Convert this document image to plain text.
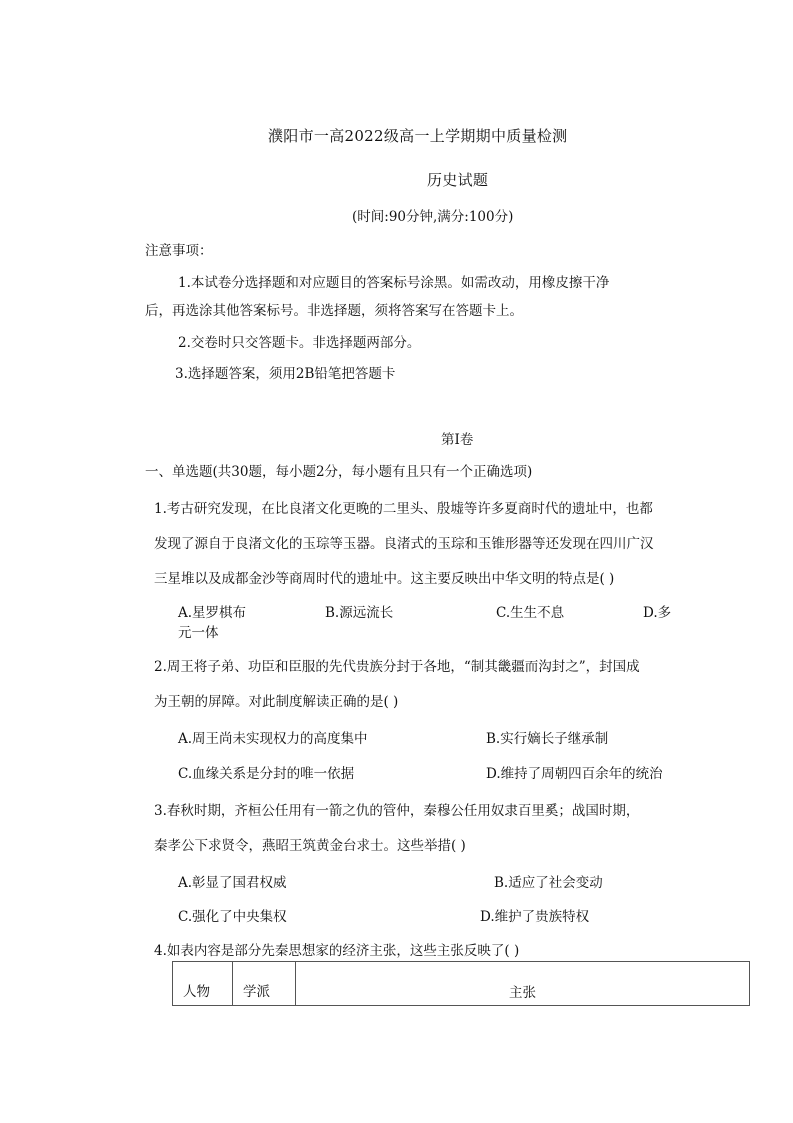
濮阳市一高2022级高一上学期期中质量检测
历史试题
(时间:90分钟,满分:100分)
注意事项：
1.本试卷分选择题和对应题目的答案标号涂黑。如需改动，用橡皮擦干净
后，再选涂其他答案标号。非选择题，须将答案写在答题卡上。
2.交卷时只交答题卡。非选择题两部分。
3.选择题答案，须用2B铅笔把答题卡
第Ⅰ卷
一、单选题(共30题，每小题2分，每小题有且只有一个正确选项)
1.考古研究发现，在比良渚文化更晚的二里头、殷墟等许多夏商时代的遗址中，也都
发现了源自于良渚文化的玉琮等玉器。良渚式的玉琮和玉锥形器等还发现在四川广汉
三星堆以及成都金沙等商周时代的遗址中。这主要反映出中华文明的特点是( )
A.星罗棋布	B.源远流长	C.生生不息	D.多
元一体
2.周王将子弟、功臣和臣服的先代贵族分封于各地，“制其畿疆而沟封之”，封国成
为王朝的屏障。对此制度解读正确的是( )
A.周王尚未实现权力的高度集中	B.实行嫡长子继承制
C.血缘关系是分封的唯一依据	D.维持了周朝四百余年的统治
3.春秋时期，齐桓公任用有一箭之仇的管仲，秦穆公任用奴隶百里奚；战国时期，
秦孝公下求贤令，燕昭王筑黄金台求士。这些举措( )
A.彰显了国君权威	B.适应了社会变动
C.强化了中央集权	D.维护了贵族特权
4.如表内容是部分先秦思想家的经济主张，这些主张反映了( )
人物	学派	主张
